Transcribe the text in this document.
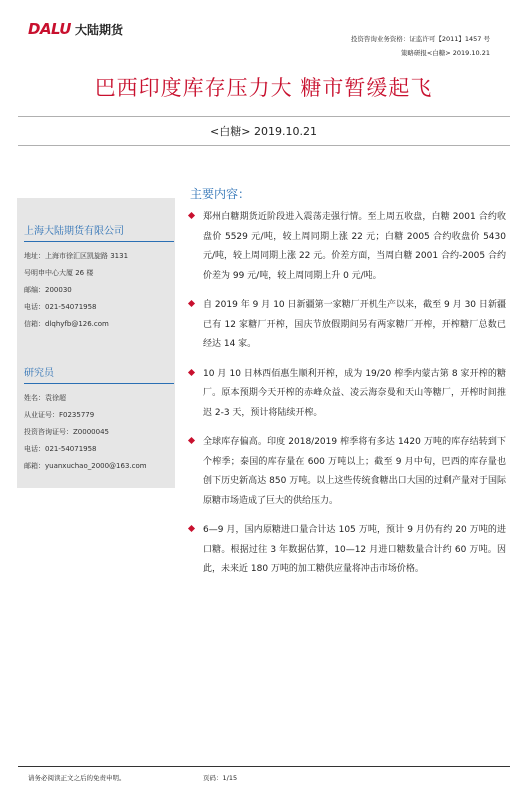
DALU 大陆期货
投资咨询业务资格：证监许可【2011】1457 号
策略研报<白糖> 2019.10.21
巴西印度库存压力大 糖市暂缓起飞
<白糖> 2019.10.21
上海大陆期货有限公司
地址：上海市徐汇区凯旋路 3131
号明申中心大厦 26 楼
邮编：200030
电话：021-54071958
信箱：dlqhyfb@126.com
研究员
姓名：袁徐超
从业证号：F0235779
投资咨询证号：Z0000045
电话：021-54071958
邮箱：yuanxuchao_2000@163.com
主要内容：
郑州白糖期货近阶段进入震荡走强行情。至上周五收盘，白糖 2001 合约收盘价 5529 元/吨，较上周同期上涨 22 元；白糖 2005 合约收盘价 5430 元/吨，较上周同期上涨 22 元。价差方面，当周白糖 2001 合约-2005 合约价差为 99 元/吨，较上周同期上升 0 元/吨。
自 2019 年 9 月 10 日新疆第一家糖厂开机生产以来，截至 9 月 30 日新疆已有 12 家糖厂开榨，国庆节放假期间另有两家糖厂开榨，开榨糖厂总数已经达 14 家。
10 月 10 日林西佰惠生顺利开榨，成为 19/20 榨季内蒙古第 8 家开榨的糖厂。原本预期今天开榨的赤峰众益、凌云海奈曼和天山等糖厂，开榨时间推迟 2-3 天，预计将陆续开榨。
全球库存偏高。印度 2018/2019 榨季将有多达 1420 万吨的库存结转到下个榨季；泰国的库存量在 600 万吨以上；截至 9 月中旬，巴西的库存量也创下历史新高达 850 万吨。以上这些传统食糖出口大国的过剩产量对于国际原糖市场造成了巨大的供给压力。
6—9 月，国内原糖进口量合计达 105 万吨，预计 9 月仍有约 20 万吨的进口糖。根据过往 3 年数据估算，10—12 月进口糖数量合计约 60 万吨。因此，未来近 180 万吨的加工糖供应量将冲击市场价格。
请务必阅读正文之后的免责申明。	页码：1/15
